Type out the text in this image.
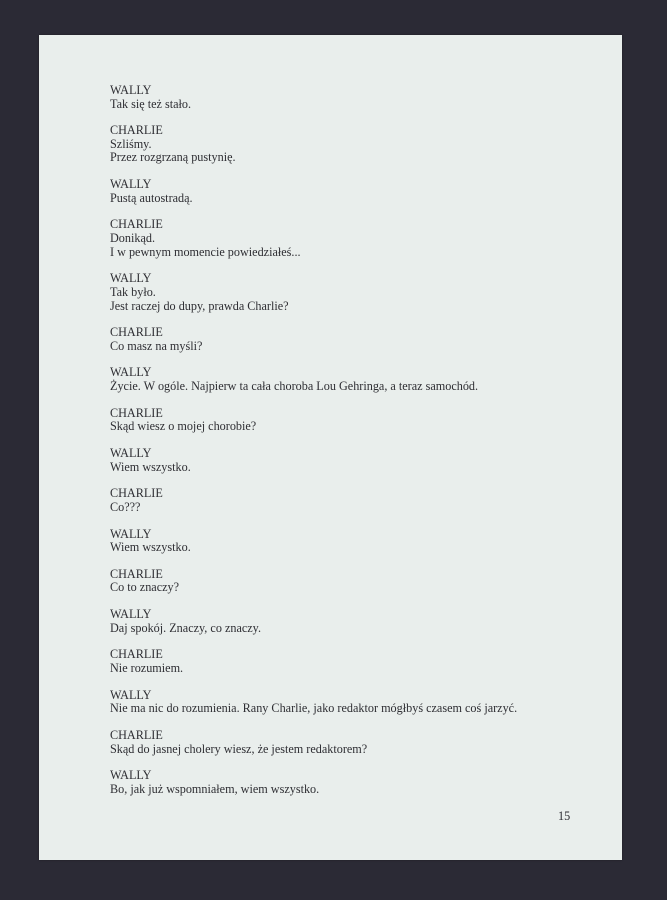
WALLY
Tak się też stało.
CHARLIE
Szliśmy.
Przez rozgrzaną pustynię.
WALLY
Pustą autostradą.
CHARLIE
Donikąd.
I w pewnym momencie powiedziałeś...
WALLY
Tak było.
Jest raczej do dupy, prawda Charlie?
CHARLIE
Co masz na myśli?
WALLY
Życie. W ogóle. Najpierw ta cała choroba Lou Gehringa, a teraz samochód.
CHARLIE
Skąd wiesz o mojej chorobie?
WALLY
Wiem wszystko.
CHARLIE
Co???
WALLY
Wiem wszystko.
CHARLIE
Co to znaczy?
WALLY
Daj spokój. Znaczy, co znaczy.
CHARLIE
Nie rozumiem.
WALLY
Nie ma nic do rozumienia. Rany Charlie, jako redaktor mógłbyś czasem coś jarzyć.
CHARLIE
Skąd do jasnej cholery wiesz, że jestem redaktorem?
WALLY
Bo, jak już wspomniałem, wiem wszystko.
15
